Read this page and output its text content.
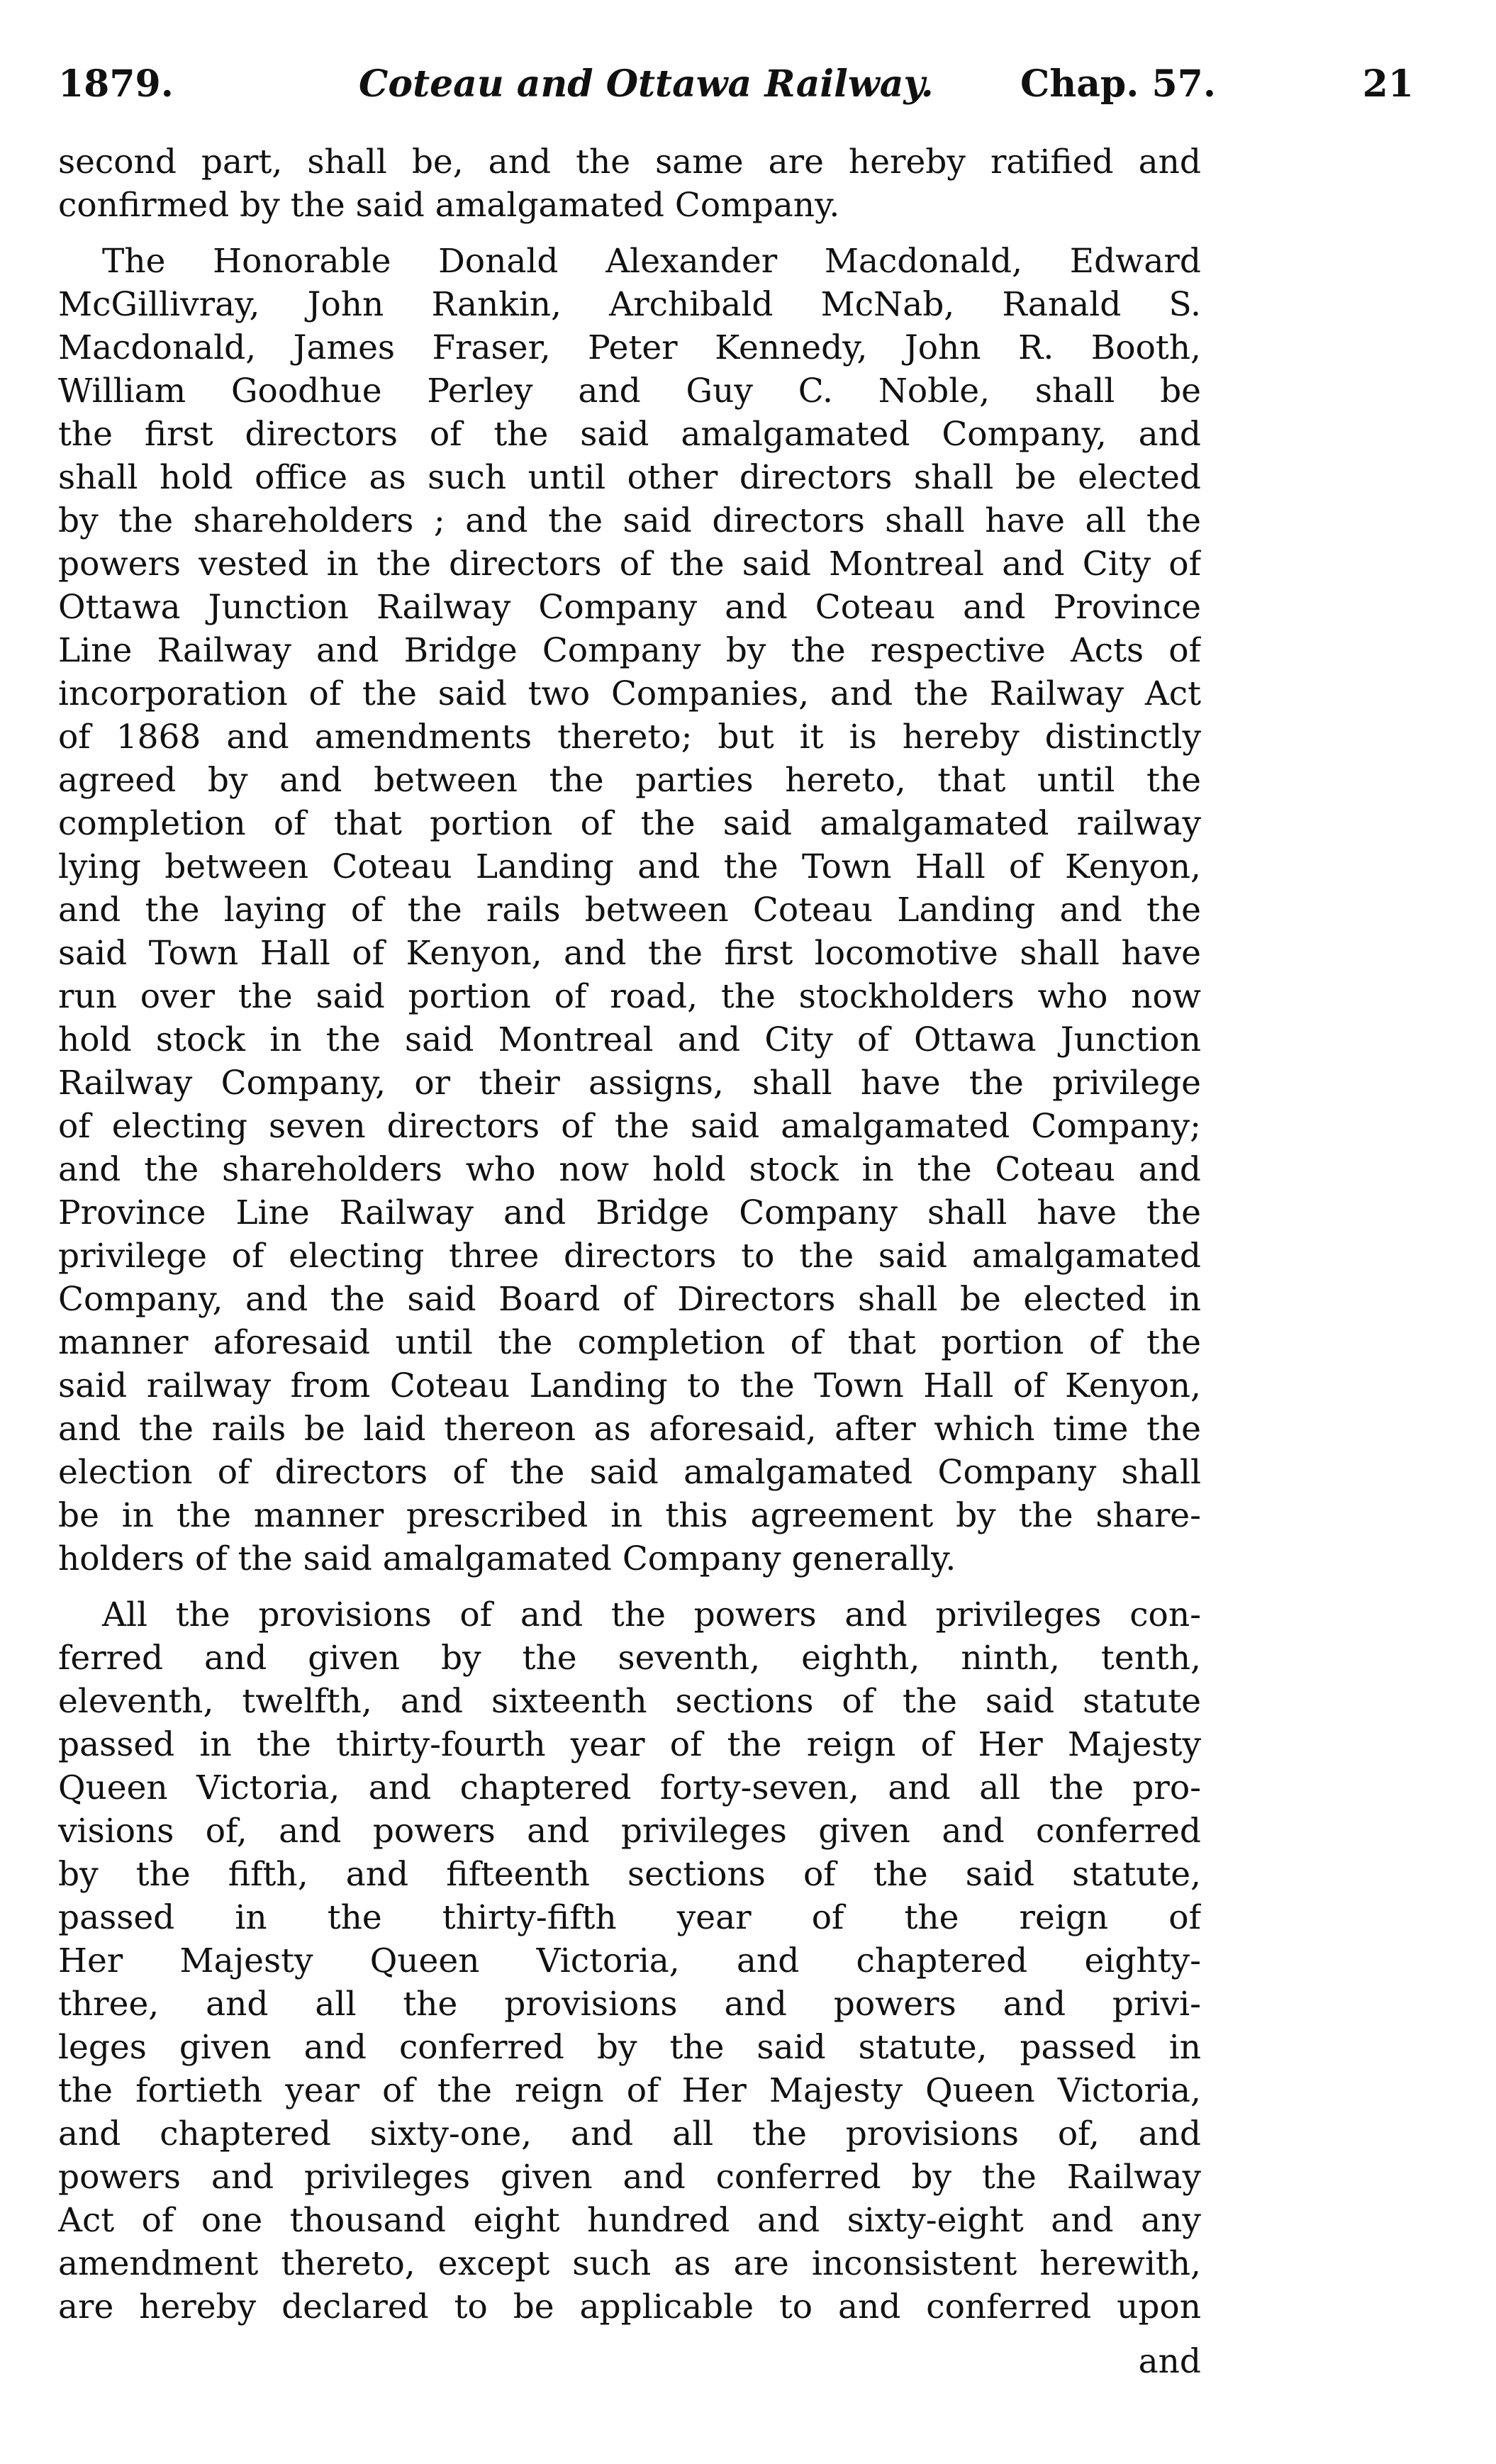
1879.	Coteau and Ottawa Railway. Chap. 57.	21
second part, shall be, and the same are hereby ratified and
confirmed by the said amalgamated Company.
The Honorable Donald Alexander Macdonald, Edward
McGillivray, John Rankin, Archibald McNab, Ranald S.
Macdonald, James Fraser, Peter Kennedy, John R. Booth,
William Goodhue Perley and Guy C. Noble, shall be
the first directors of the said amalgamated Company, and
shall hold office as such until other directors shall be elected
by the shareholders ; and the said directors shall have all the
powers vested in the directors of the said Montreal and City of
Ottawa Junction Railway Company and Coteau and Province
Line Railway and Bridge Company by the respective Acts of
incorporation of the said two Companies, and the Railway Act
of 1868 and amendments thereto; but it is hereby distinctly
agreed by and between the parties hereto, that until the
completion of that portion of the said amalgamated railway
lying between Coteau Landing and the Town Hall of Kenyon,
and the laying of the rails between Coteau Landing and the
said Town Hall of Kenyon, and the first locomotive shall have
run over the said portion of road, the stockholders who now
hold stock in the said Montreal and City of Ottawa Junction
Railway Company, or their assigns, shall have the privilege
of electing seven directors of the said amalgamated Company;
and the shareholders who now hold stock in the Coteau and
Province Line Railway and Bridge Company shall have the
privilege of electing three directors to the said amalgamated
Company, and the said Board of Directors shall be elected in
manner aforesaid until the completion of that portion of the
said railway from Coteau Landing to the Town Hall of Kenyon,
and the rails be laid thereon as aforesaid, after which time the
election of directors of the said amalgamated Company shall
be in the manner prescribed in this agreement by the share-
holders of the said amalgamated Company generally.
All the provisions of and the powers and privileges con-
ferred and given by the seventh, eighth, ninth, tenth,
eleventh, twelfth, and sixteenth sections of the said statute
passed in the thirty-fourth year of the reign of Her Majesty
Queen Victoria, and chaptered forty-seven, and all the pro-
visions of, and powers and privileges given and conferred
by the fifth, and fifteenth sections of the said statute,
passed in the thirty-fifth year of the reign of
Her Majesty Queen Victoria, and chaptered eighty-
three, and all the provisions and powers and privi-
leges given and conferred by the said statute, passed in
the fortieth year of the reign of Her Majesty Queen Victoria,
and chaptered sixty-one, and all the provisions of, and
powers and privileges given and conferred by the Railway
Act of one thousand eight hundred and sixty-eight and any
amendment thereto, except such as are inconsistent herewith,
are hereby declared to be applicable to and conferred upon
and
